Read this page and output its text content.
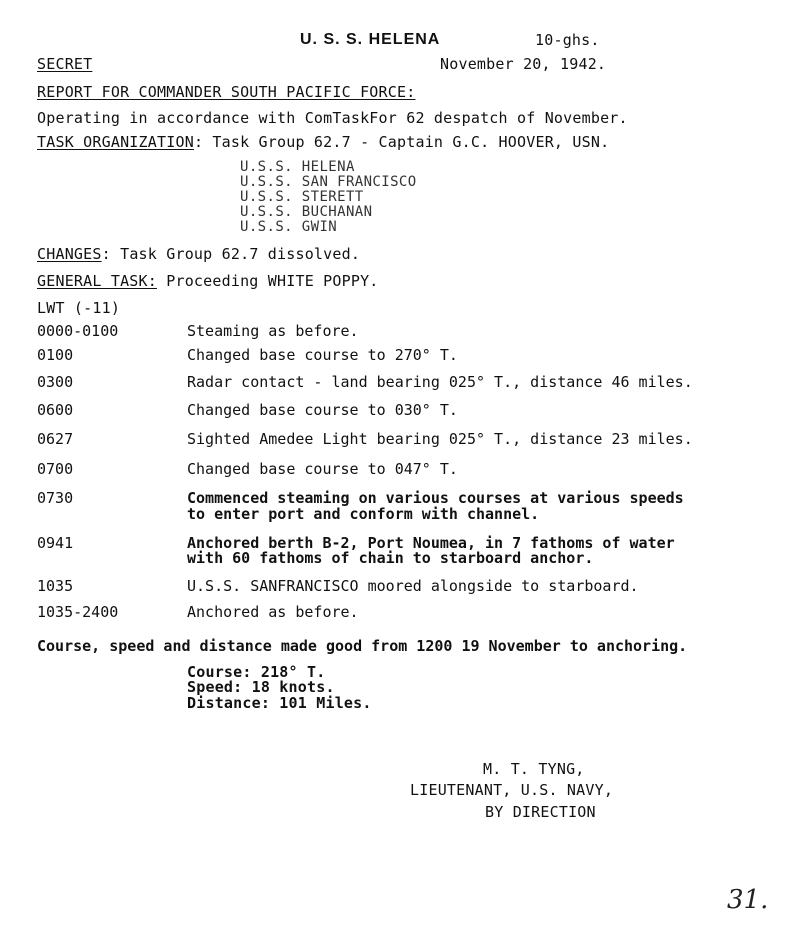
U. S. S. HELENA	10-ghs.
SECRET	November 20, 1942.
REPORT FOR COMMANDER SOUTH PACIFIC FORCE:
Operating in accordance with ComTaskFor 62 despatch of November.
TASK ORGANIZATION: Task Group 62.7 - Captain G.C. HOOVER, USN.
U.S.S. HELENA
U.S.S. SAN FRANCISCO
U.S.S. STERETT
U.S.S. BUCHANAN
U.S.S. GWIN
CHANGES: Task Group 62.7 dissolved.
GENERAL TASK: Proceeding WHITE POPPY.
LWT (-11)
0000-0100	Steaming as before.
0100	Changed base course to 270° T.
0300	Radar contact - land bearing 025° T., distance 46 miles.
0600	Changed base course to 030° T.
0627	Sighted Amedee Light bearing 025° T., distance 23 miles.
0700	Changed base course to 047° T.
0730	Commenced steaming on various courses at various speeds
to enter port and conform with channel.
0941	Anchored berth B-2, Port Noumea, in 7 fathoms of water
with 60 fathoms of chain to starboard anchor.
1035	U.S.S. SANFRANCISCO moored alongside to starboard.
1035-2400	Anchored as before.
Course, speed and distance made good from 1200 19 November to anchoring.
Course: 218° T.
Speed: 18 knots.
Distance: 101 Miles.
M. T. TYNG,
LIEUTENANT, U.S. NAVY,
BY DIRECTION
31.
